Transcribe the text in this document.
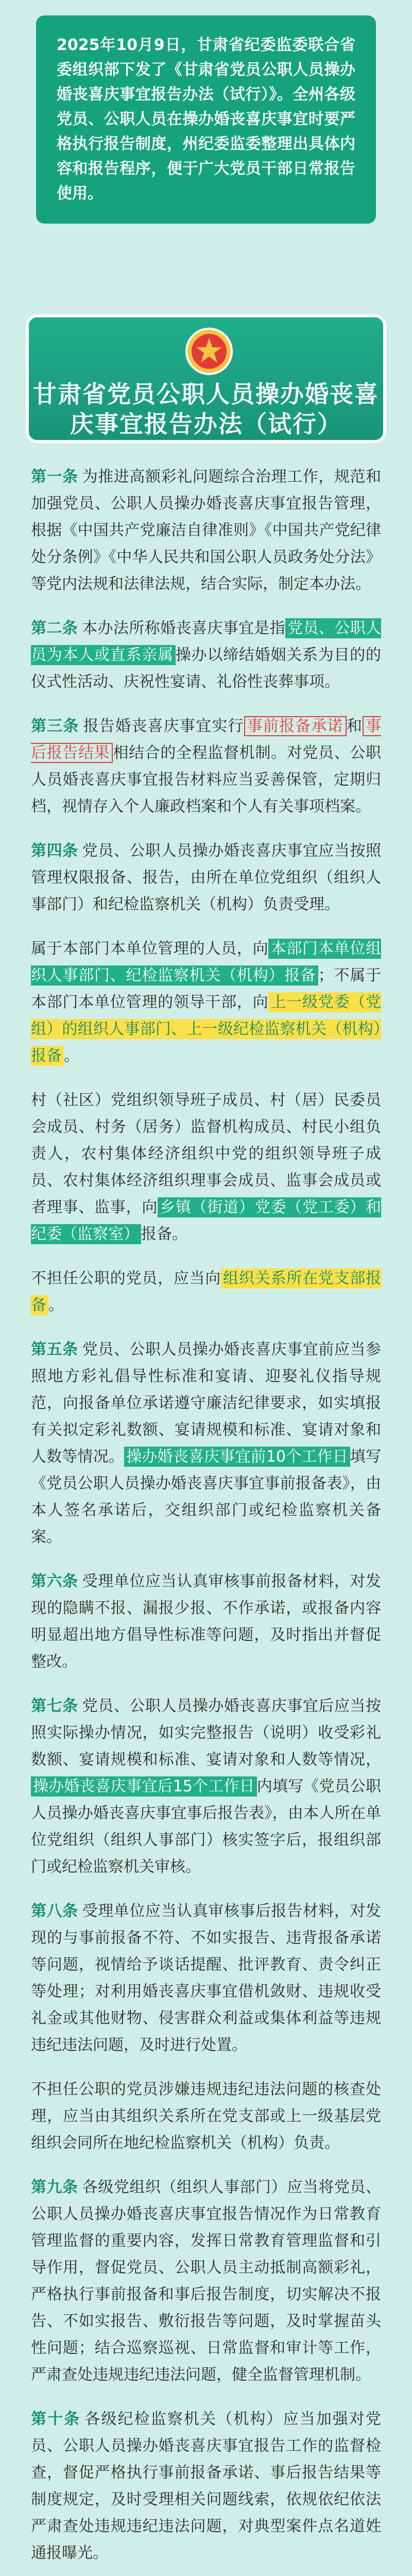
2025年10月9日，甘肃省纪委监委联合省委组织部下发了《甘肃省党员公职人员操办婚丧喜庆事宜报告办法（试行）》。全州各级党员、公职人员在操办婚丧喜庆事宜时要严格执行报告制度，州纪委监委整理出具体内容和报告程序，便于广大党员干部日常报告使用。
甘肃省党员公职人员操办婚丧喜庆事宜报告办法（试行）

第一条 为推进高额彩礼问题综合治理工作，规范和加强党员、公职人员操办婚丧喜庆事宜报告管理，根据《中国共产党廉洁自律准则》《中国共产党纪律处分条例》《中华人民共和国公职人员政务处分法》等党内法规和法律法规，结合实际，制定本办法。

第二条 本办法所称婚丧喜庆事宜是指 党员、公职人员为本人或直系亲属 操办以缔结婚姻关系为目的的仪式性活动、庆祝性宴请、礼俗性丧葬事项。

第三条 报告婚丧喜庆事宜实行 事前报备承诺 和 事后报告结果 相结合的全程监督机制。对党员、公职人员婚丧喜庆事宜报告材料应当妥善保管，定期归档，视情存入个人廉政档案和个人有关事项档案。

第四条 党员、公职人员操办婚丧喜庆事宜应当按照管理权限报备、报告，由所在单位党组织（组织人事部门）和纪检监察机关（机构）负责受理。

属于本部门本单位管理的人员，向 本部门本单位组织人事部门、纪检监察机关（机构）报备 ；不属于本部门本单位管理的领导干部，向 上一级党委（党组）的组织人事部门、上一级纪检监察机关（机构）报备 。

村（社区）党组织领导班子成员、村（居）民委员会成员、村务（居务）监督机构成员、村民小组负责人，农村集体经济组织中党的组织领导班子成员、农村集体经济组织理事会成员、监事会成员或者理事、监事，向 乡镇（街道）党委（党工委）和纪委（监察室） 报备。

不担任公职的党员，应当向 组织关系所在党支部报备 。

第五条 党员、公职人员操办婚丧喜庆事宜前应当参照地方彩礼倡导性标准和宴请、迎娶礼仪指导规范，向报备单位承诺遵守廉洁纪律要求，如实填报有关拟定彩礼数额、宴请规模和标准、宴请对象和人数等情况。 操办婚丧喜庆事宜前10个工作日 填写《党员公职人员操办婚丧喜庆事宜事前报备表》，由本人签名承诺后，交组织部门或纪检监察机关备案。

第六条 受理单位应当认真审核事前报备材料，对发现的隐瞒不报、漏报少报、不作承诺，或报备内容明显超出地方倡导性标准等问题，及时指出并督促整改。

第七条 党员、公职人员操办婚丧喜庆事宜后应当按照实际操办情况，如实完整报告（说明）收受彩礼数额、宴请规模和标准、宴请对象和人数等情况，操办婚丧喜庆事宜后15个工作日 内填写《党员公职人员操办婚丧喜庆事宜事后报告表》，由本人所在单位党组织（组织人事部门）核实签字后，报组织部门或纪检监察机关审核。

第八条 受理单位应当认真审核事后报告材料，对发现的与事前报备不符、不如实报告、违背报备承诺等问题，视情给予谈话提醒、批评教育、责令纠正等处理；对利用婚丧喜庆事宜借机敛财、违规收受礼金或其他财物、侵害群众利益或集体利益等违规违纪违法问题，及时进行处置。

不担任公职的党员涉嫌违规违纪违法问题的核查处理，应当由其组织关系所在党支部或上一级基层党组织会同所在地纪检监察机关（机构）负责。

第九条 各级党组织（组织人事部门）应当将党员、公职人员操办婚丧喜庆事宜报告情况作为日常教育管理监督的重要内容，发挥日常教育管理监督和引导作用，督促党员、公职人员主动抵制高额彩礼，严格执行事前报备和事后报告制度，切实解决不报告、不如实报告、敷衍报告等问题，及时掌握苗头性问题；结合巡察巡视、日常监督和审计等工作，严肃查处违规违纪违法问题，健全监督管理机制。

第十条 各级纪检监察机关（机构）应当加强对党员、公职人员操办婚丧喜庆事宜报告工作的监督检查，督促严格执行事前报备承诺、事后报告结果等制度规定，及时受理相关问题线索，依规依纪依法严肃查处违规违纪违法问题，对典型案件点名道姓通报曝光。
